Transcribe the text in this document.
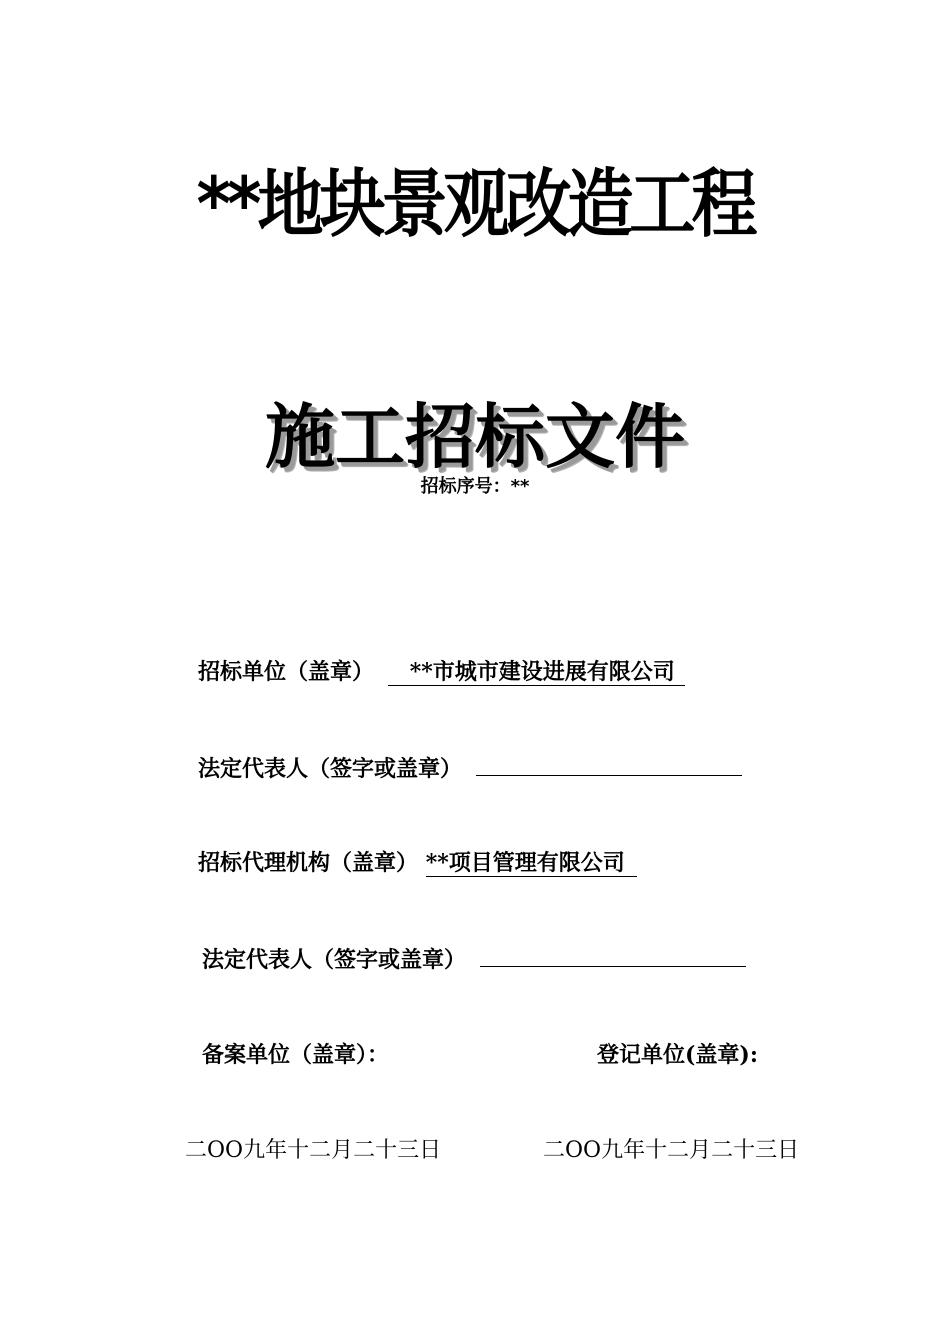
**地块景观改造工程
施工招标文件
招标序号：**
招标单位（盖章） **市城市建设进展有限公司
法定代表人（签字或盖章）
招标代理机构（盖章） **项目管理有限公司
法定代表人（签字或盖章）
备案单位（盖章）：	登记单位(盖章):
二OO九年十二月二十三日	二OO九年十二月二十三日
